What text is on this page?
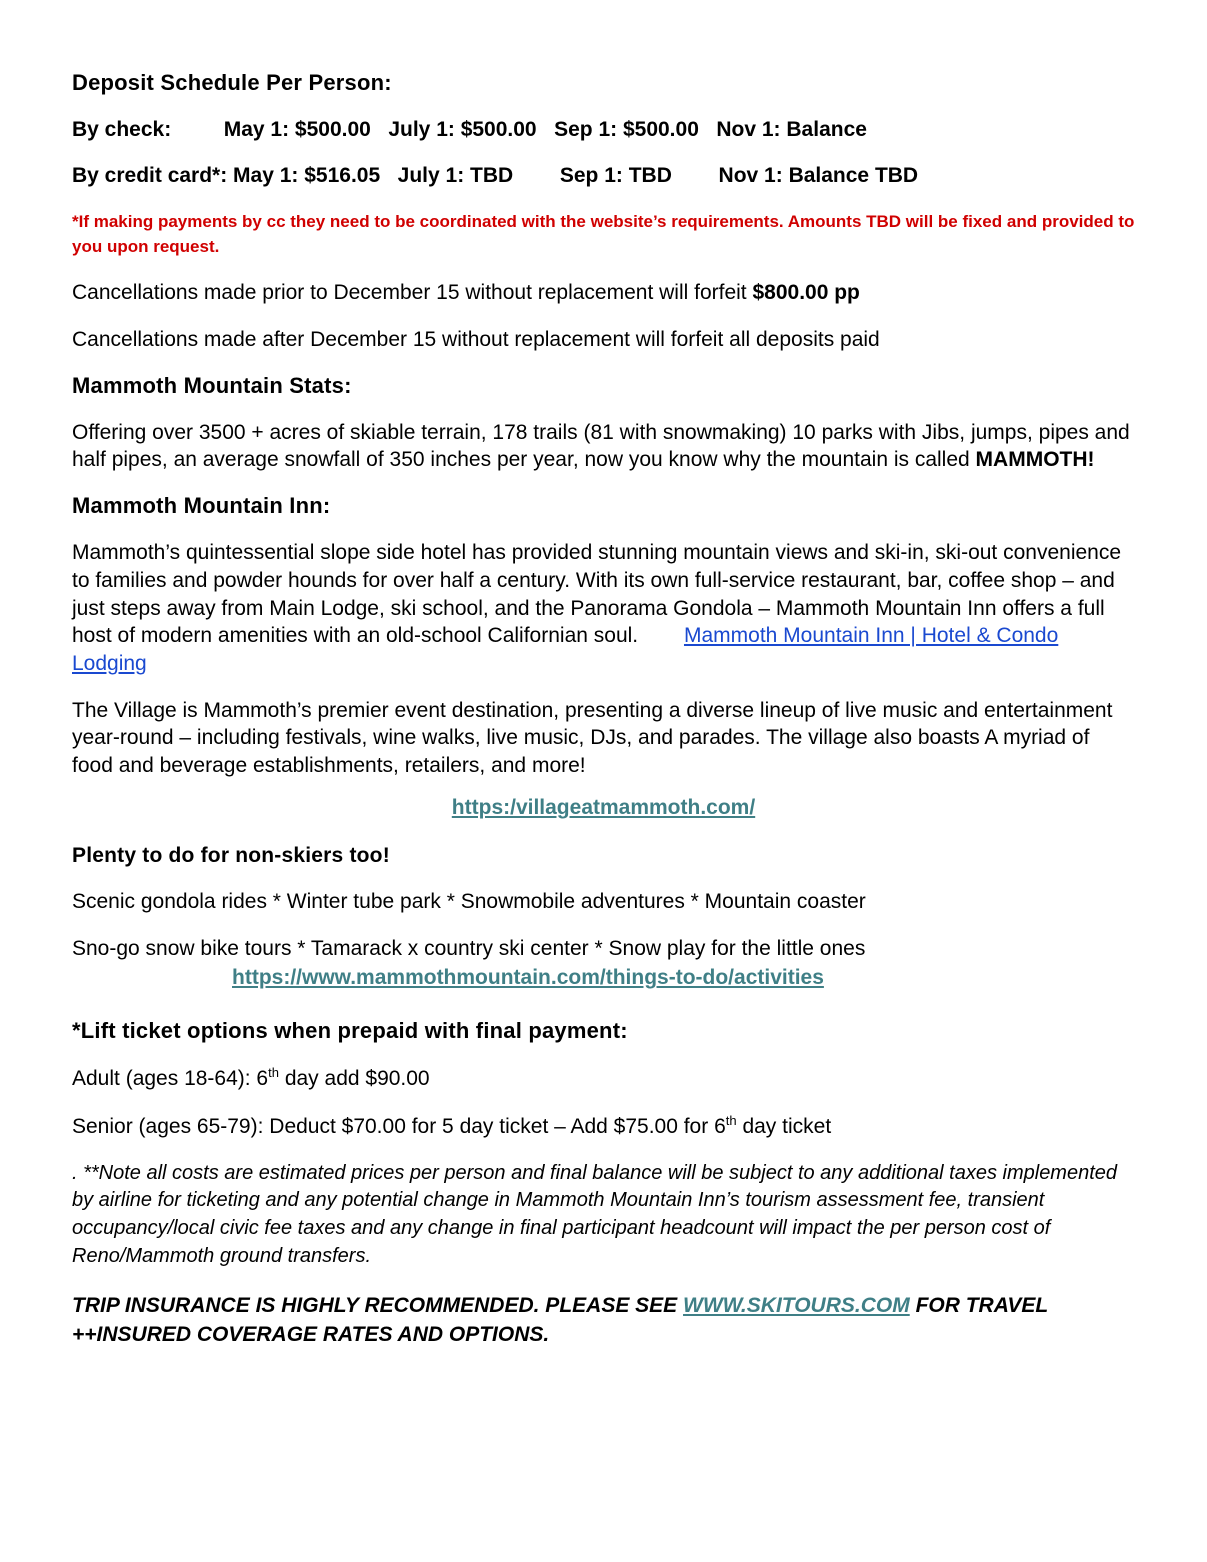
Deposit Schedule Per Person:
By check:         May 1: $500.00   July 1: $500.00   Sep 1: $500.00   Nov 1: Balance
By credit card*: May 1: $516.05   July 1: TBD        Sep 1: TBD        Nov 1: Balance TBD
*If making payments by cc they need to be coordinated with the website’s requirements. Amounts TBD will be fixed and provided to you upon request.

Cancellations made prior to December 15 without replacement will forfeit $800.00 pp

Cancellations made after December 15 without replacement will forfeit all deposits paid

Mammoth Mountain Stats:

Offering over 3500 + acres of skiable terrain, 178 trails (81 with snowmaking) 10 parks with Jibs, jumps, pipes and half pipes, an average snowfall of 350 inches per year, now you know why the mountain is called MAMMOTH!

Mammoth Mountain Inn:

Mammoth’s quintessential slope side hotel has provided stunning mountain views and ski-in, ski-out convenience to families and powder hounds for over half a century. With its own full-service restaurant, bar, coffee shop – and just steps away from Main Lodge, ski school, and the Panorama Gondola – Mammoth Mountain Inn offers a full host of modern amenities with an old-school Californian soul. Mammoth Mountain Inn | Hotel & Condo Lodging

The Village is Mammoth’s premier event destination, presenting a diverse lineup of live music and entertainment year-round – including festivals, wine walks, live music, DJs, and parades. The village also boasts A myriad of food and beverage establishments, retailers, and more!

https:/villageatmammoth.com/
Plenty to do for non-skiers too!

Scenic gondola rides * Winter tube park * Snowmobile adventures * Mountain coaster

Sno-go snow bike tours * Tamarack x country ski center * Snow play for the little ones

https://www.mammothmountain.com/things-to-do/activities
*Lift ticket options when prepaid with final payment:

Adult (ages 18-64): 6th day add $90.00

Senior (ages 65-79): Deduct $70.00 for 5 day ticket – Add $75.00 for 6th day ticket

. **Note all costs are estimated prices per person and final balance will be subject to any additional taxes implemented by airline for ticketing and any potential change in Mammoth Mountain Inn’s tourism assessment fee, transient occupancy/local civic fee taxes and any change in final participant headcount will impact the per person cost of Reno/Mammoth ground transfers.

TRIP INSURANCE IS HIGHLY RECOMMENDED. PLEASE SEE WWW.SKITOURS.COM FOR TRAVEL ++INSURED COVERAGE RATES AND OPTIONS.
